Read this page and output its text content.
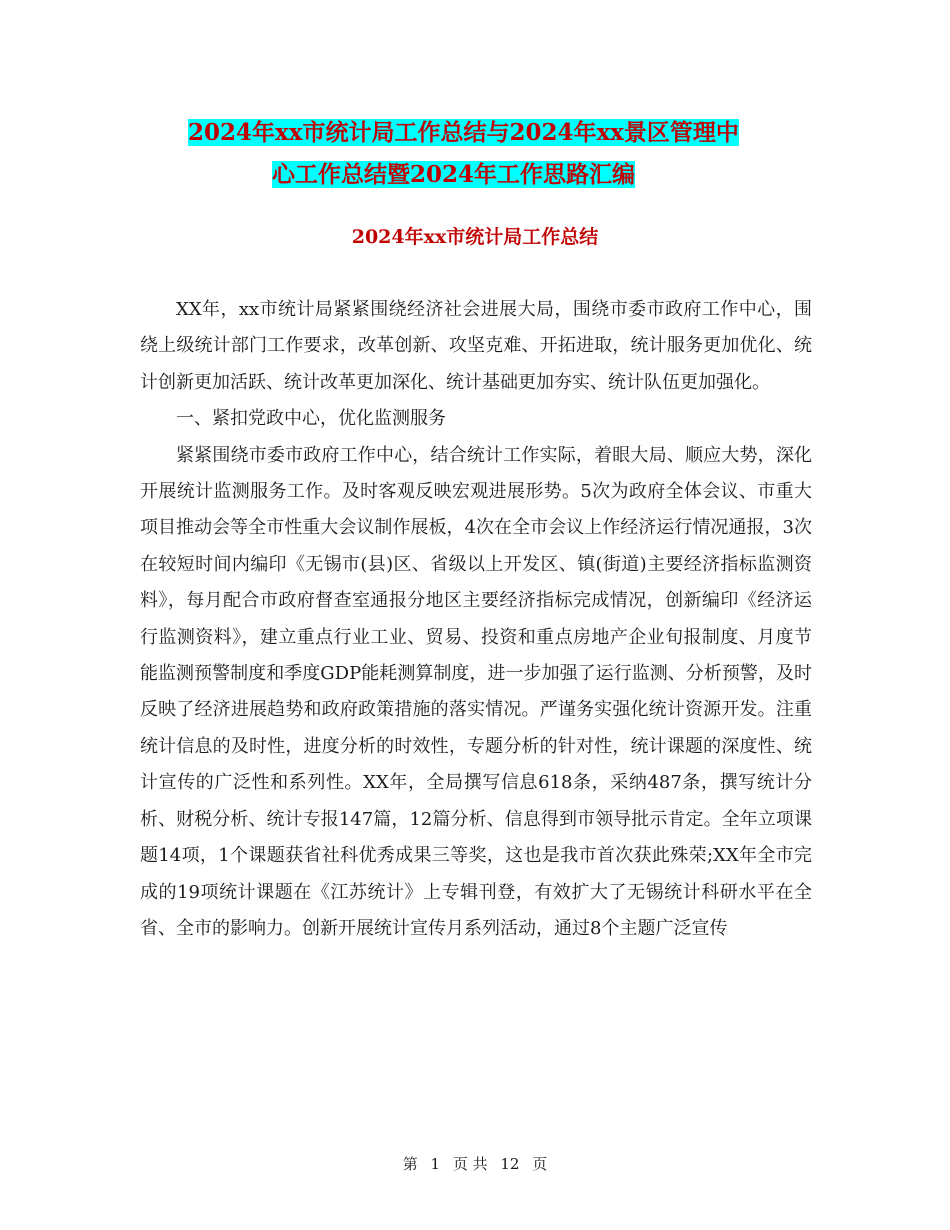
2024年xx市统计局工作总结与2024年xx景区管理中
心工作总结暨2024年工作思路汇编
2024年xx市统计局工作总结

XX年，xx市统计局紧紧围绕经济社会进展大局，围绕市委市政府工作中心，围绕上级统计部门工作要求，改革创新、攻坚克难、开拓进取，统计服务更加优化、统计创新更加活跃、统计改革更加深化、统计基础更加夯实、统计队伍更加强化。

一、紧扣党政中心，优化监测服务

紧紧围绕市委市政府工作中心，结合统计工作实际，着眼大局、顺应大势，深化开展统计监测服务工作。及时客观反映宏观进展形势。5次为政府全体会议、市重大项目推动会等全市性重大会议制作展板，4次在全市会议上作经济运行情况通报，3次在较短时间内编印《无锡市(县)区、省级以上开发区、镇(街道)主要经济指标监测资料》，每月配合市政府督查室通报分地区主要经济指标完成情况，创新编印《经济运行监测资料》，建立重点行业工业、贸易、投资和重点房地产企业旬报制度、月度节能监测预警制度和季度GDP能耗测算制度，进一步加强了运行监测、分析预警，及时反映了经济进展趋势和政府政策措施的落实情况。严谨务实强化统计资源开发。注重统计信息的及时性，进度分析的时效性，专题分析的针对性，统计课题的深度性、统计宣传的广泛性和系列性。XX年，全局撰写信息618条，采纳487条，撰写统计分析、财税分析、统计专报147篇，12篇分析、信息得到市领导批示肯定。全年立项课题14项，1个课题获省社科优秀成果三等奖，这也是我市首次获此殊荣;XX年全市完成的19项统计课题在《江苏统计》上专辑刊登，有效扩大了无锡统计科研水平在全省、全市的影响力。创新开展统计宣传月系列活动，通过8个主题广泛宣传

第 1 页 共 12 页
